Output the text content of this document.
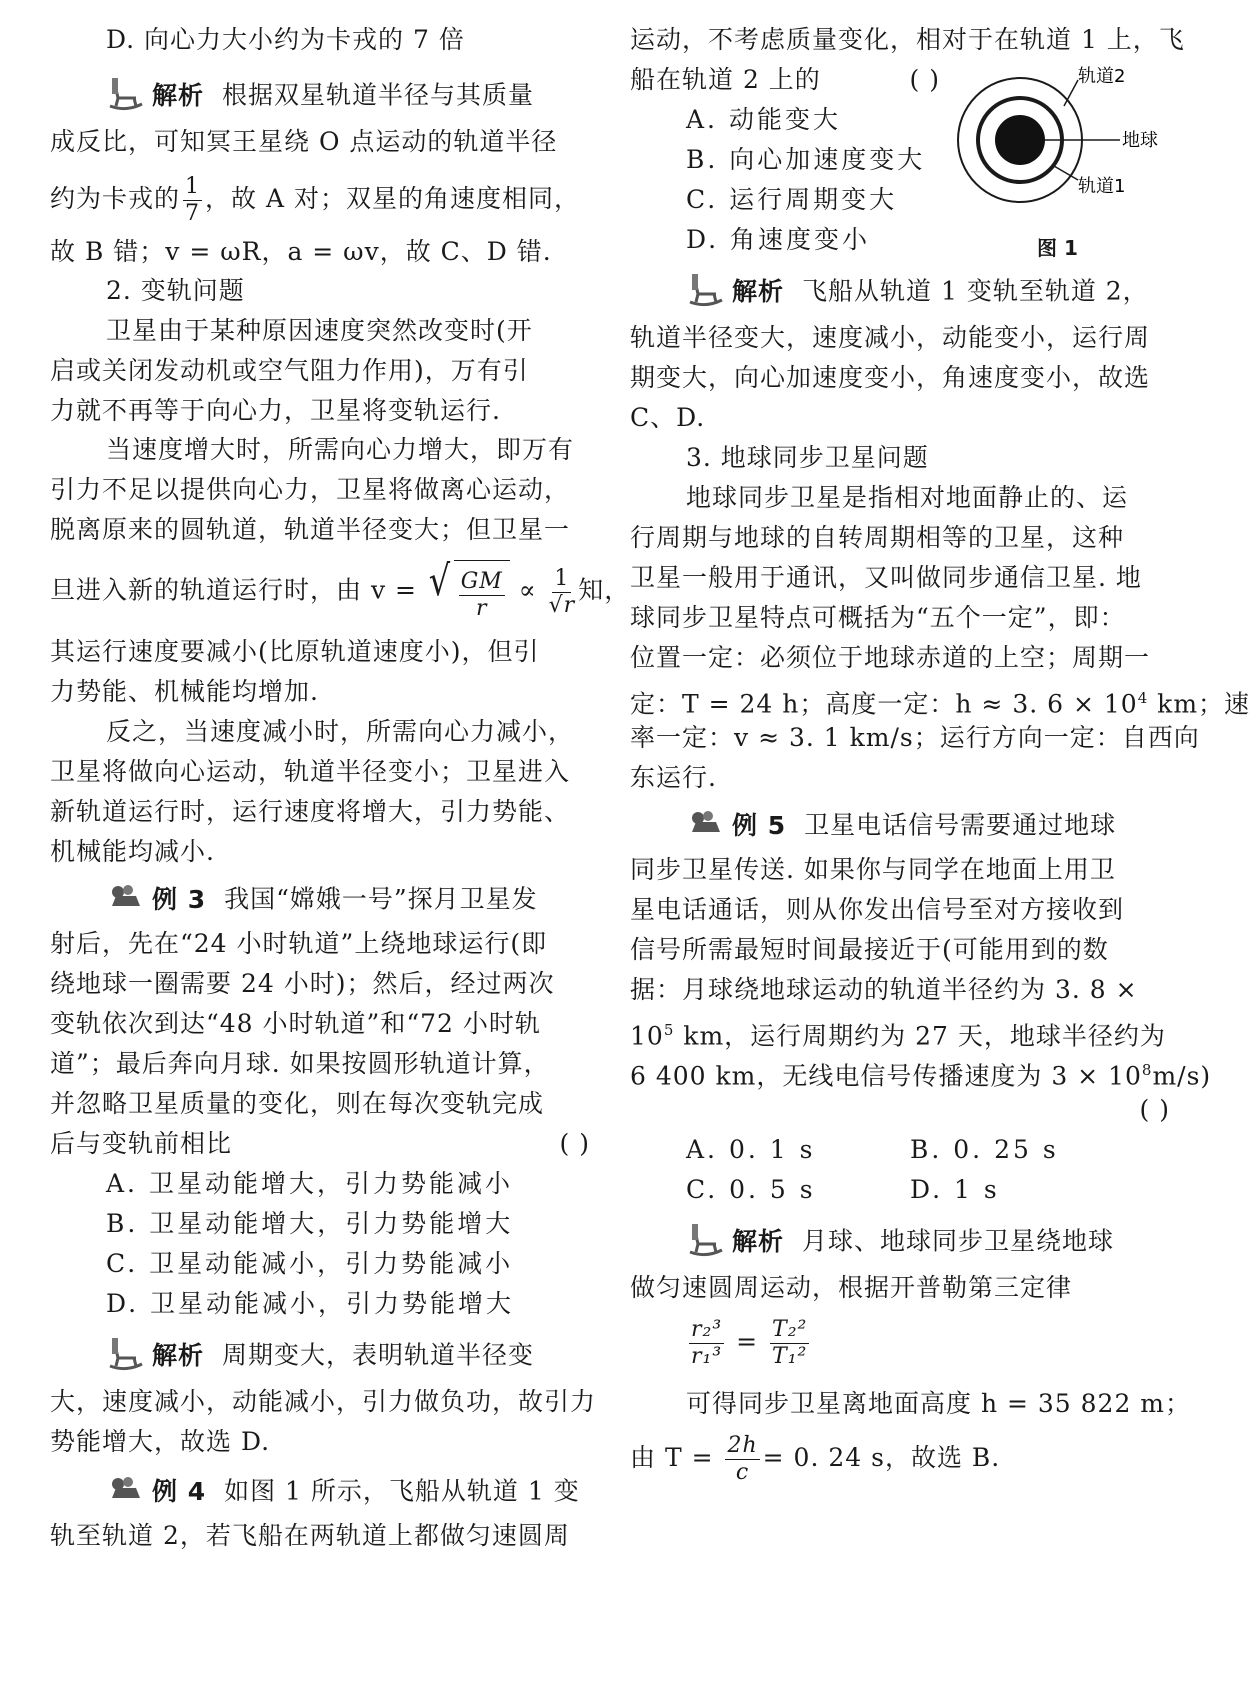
D. 向心力大小约为卡戎的 7 倍
解析 根据双星轨道半径与其质量
成反比，可知冥王星绕 O 点运动的轨道半径
约为卡戎的 $\frac{1}{7}$ ，故 A 对；双星的角速度相同，
故 B 错；v = ωR，a = ωv，故 C、D 错.
2. 变轨问题
卫星由于某种原因速度突然改变时(开
启或关闭发动机或空气阻力作用)，万有引
力就不再等于向心力，卫星将变轨运行.
当速度增大时，所需向心力增大，即万有
引力不足以提供向心力，卫星将做离心运动，
脱离原来的圆轨道，轨道半径变大；但卫星一
旦进入新的轨道运行时，由 v = √ $\frac{GM}{r} \propto \frac{1}{√r}$ 知，
其运行速度要减小(比原轨道速度小)，但引
力势能、机械能均增加.
反之，当速度减小时，所需向心力减小，
卫星将做向心运动，轨道半径变小；卫星进入
新轨道运行时，运行速度将增大，引力势能、
机械能均减小.
例 3 我国“嫦娥一号”探月卫星发
射后，先在“24 小时轨道”上绕地球运行(即
绕地球一圈需要 24 小时)；然后，经过两次
变轨依次到达“48 小时轨道”和“72 小时轨
道”；最后奔向月球. 如果按圆形轨道计算，
并忽略卫星质量的变化，则在每次变轨完成
后与变轨前相比	( )
A. 卫星动能增大，引力势能减小
B. 卫星动能增大，引力势能增大
C. 卫星动能减小，引力势能减小
D. 卫星动能减小，引力势能增大
解析 周期变大，表明轨道半径变
大，速度减小，动能减小，引力做负功，故引力
势能增大，故选 D.
例 4 如图 1 所示，飞船从轨道 1 变
轨至轨道 2，若飞船在两轨道上都做匀速圆周
运动，不考虑质量变化，相对于在轨道 1 上，飞
船在轨道 2 上的	( )
A. 动能变大
B. 向心加速度变大
C. 运行周期变大
D. 角速度变小
解析 飞船从轨道 1 变轨至轨道 2，
轨道半径变大，速度减小，动能变小，运行周
期变大，向心加速度变小，角速度变小，故选
C、D.
3. 地球同步卫星问题
地球同步卫星是指相对地面静止的、运
行周期与地球的自转周期相等的卫星，这种
卫星一般用于通讯，又叫做同步通信卫星. 地
球同步卫星特点可概括为“五个一定”，即：
位置一定：必须位于地球赤道的上空；周期一
定：T = 24 h；高度一定：h ≈ 3. $6 \times 10^4$ km；速
率一定：v ≈ 3. 1 km/s；运行方向一定：自西向
东运行.
例 5 卫星电话信号需要通过地球
同步卫星传送. 如果你与同学在地面上用卫
星电话通话，则从你发出信号至对方接收到
信号所需最短时间最接近于(可能用到的数
据：月球绕地球运动的轨道半径约为 3. 8 ×
$10^5$ km，运行周期约为 27 天，地球半径约为
6 400 km，无线电信号传播速度为 $3 \times 10^8m/s$)
( )
A. 0. 1 s	B. 0. 25 s
C. 0. 5 s	D. 1 s
解析 月球、地球同步卫星绕地球
做匀速圆周运动，根据开普勒第三定律
$\frac{\text{r₂³}}{\text{r₁³}} = \frac{\text{T₂²}}{\text{T₁²}}$
可得同步卫星离地面高度 h = 35 822 m；
由 $T = \frac{2h}{c} = 0$. 24 s，故选 B.
轨道2
地球
轨道1
图 1
